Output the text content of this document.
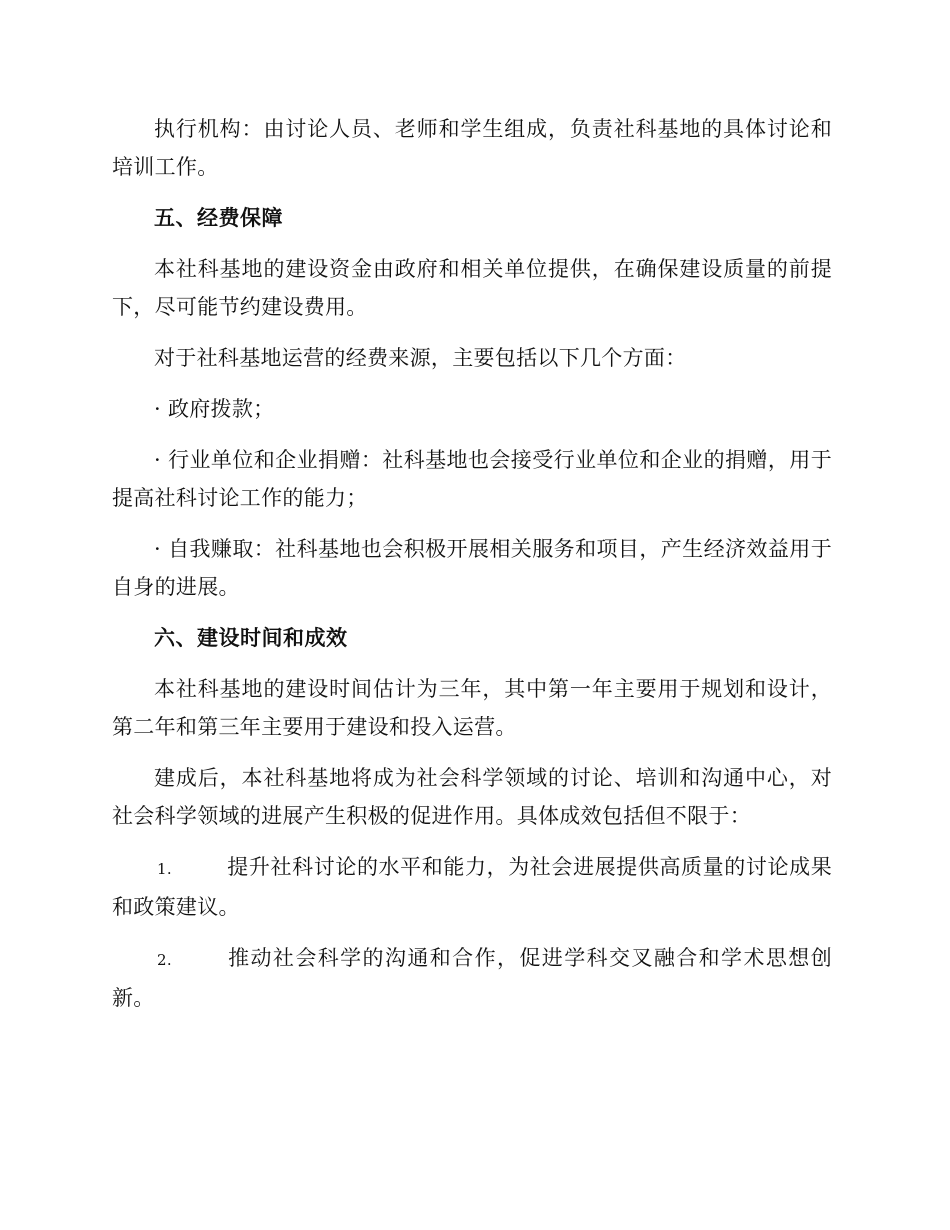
执行机构：由讨论人员、老师和学生组成，负责社科基地的具体讨论和培训工作。

五、经费保障

本社科基地的建设资金由政府和相关单位提供，在确保建设质量的前提下，尽可能节约建设费用。

对于社科基地运营的经费来源，主要包括以下几个方面：

· 政府拨款；

· 行业单位和企业捐赠：社科基地也会接受行业单位和企业的捐赠，用于提高社科讨论工作的能力；

· 自我赚取：社科基地也会积极开展相关服务和项目，产生经济效益用于自身的进展。

六、建设时间和成效

本社科基地的建设时间估计为三年，其中第一年主要用于规划和设计，第二年和第三年主要用于建设和投入运营。

建成后，本社科基地将成为社会科学领域的讨论、培训和沟通中心，对社会科学领域的进展产生积极的促进作用。具体成效包括但不限于：

1.	提升社科讨论的水平和能力，为社会进展提供高质量的讨论成果和政策建议。

2.	推动社会科学的沟通和合作，促进学科交叉融合和学术思想创新。
